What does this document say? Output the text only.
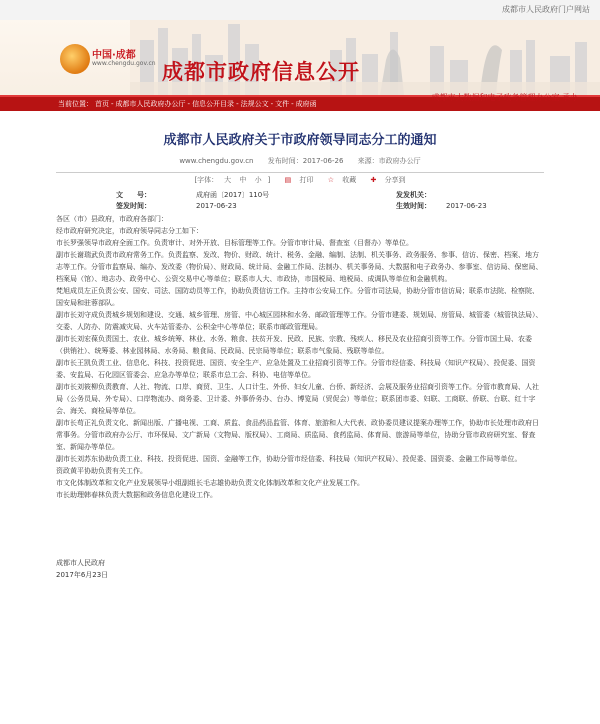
成都市人民政府门户网站
中国·成都
www.chengdu.gov.cn 成都市政府信息公开
成都市大数据和电子政务管理办公室 承办
当前位置： 首页 - 成都市人民政府办公厅 - 信息公开目录 - 法规公文 - 文件 - 成府函
成都市人民政府关于市政府领导同志分工的通知
www.chengdu.gov.cn 发布时间：2017-06-26 来源：市政府办公厅
[字体： 大 中 小 ] ▤ 打印 ☆ 收藏 ✚ 分享到
文　　号：	成府函〔2017〕110号	发发机关：	
签发时间：	2017-06-23	生效时间：	2017-06-23

各区（市）县政府，市政府各部门：

经市政府研究决定，市政府领导同志分工如下：

市长罗强领导市政府全面工作。负责审计、对外开放、目标管理等工作。分管市审计局、督查室（目督办）等单位。

副市长谢瑞武负责市政府常务工作。负责监察、发改、物价、财政、统计、税务、金融、编制、法制、机关事务、政务服务、参事、信访、保密、档案、地方志等工作。分管市监察局、编办、发改委（物价局）、财政局、统计局、金融工作局、法制办、机关事务局、大数据和电子政务办、参事室、信访局、保密局、档案局（馆）、地志办、政务中心、公资交易中心等单位；联系市人大、市政协，市国税局、地税局、成调队等单位和金融机构。

梵旭成员左正负责公安、国安、司法、国防动员等工作，协助负责信访工作。主持市公安局工作。分管市司法局，协助分管市信访局；联系市法院、检察院、国安局和驻蓉部队。

副市长刘守成负责城乡规划和建设、交通、城乡管理、房管、中心城区园林和水务、邮政管理等工作。分管市建委、规划局、房管局、城管委（城管执法局）、交委、人防办、防震减灾局、火车站管委办、公积金中心等单位；联系市邮政管理局。

副市长刘宏葆负责国土、农业、城乡统筹、林业、水务、粮食、扶贫开发、民政、民族、宗教、残疾人、移民及农业招商引资等工作。分管市国土局、农委（供销社）、统筹委、林业园林局、水务局、粮食局、民政局、民宗局等单位；联系市气象局、残联等单位。

副市长王凯负责工业、信息化、科技、投资促进、国资、安全生产、应急处置及工业招商引资等工作。分管市经信委、科技局（知识产权局）、投促委、国资委、安监局、石化园区管委会、应急办等单位；联系市总工会、科协、电信等单位。

副市长刘筱柳负责教育、人社、物流、口岸、商贸、卫生、人口计生、外侨、妇女儿童、台侨、新经济、会展及服务业招商引资等工作。分管市教育局、人社局（公务员局、外专局）、口岸物流办、商务委、卫计委、外事侨务办、台办、博览局（贸促会）等单位；联系团市委、妇联、工商联、侨联、台联、红十字会、海关、商检局等单位。

副市长苟正礼负责文化、新闻出版、广播电视、工商、质监、食品药品监管、体育、旅游和人大代表、政协委员建议提案办理等工作，协助市长处理市政府日常事务。分管市政府办公厅、市环保局、文广新局（文物局、版权局）、工商局、质监局、食药监局、体育局、旅游局等单位，协助分管市政府研究室、督查室、新闻办等单位。

副市长刘苏东协助负责工业、科技、投资促进、国资、金融等工作，协助分管市经信委、科技局（知识产权局）、投促委、国资委、金融工作局等单位。

资政黄平协助负责有关工作。

市文化体制改革和文化产业发展领导小组副组长毛志雄协助负责文化体制改革和文化产业发展工作。

市长助理韩春林负责大数据和政务信息化建设工作。

成都市人民政府

2017年6月23日
